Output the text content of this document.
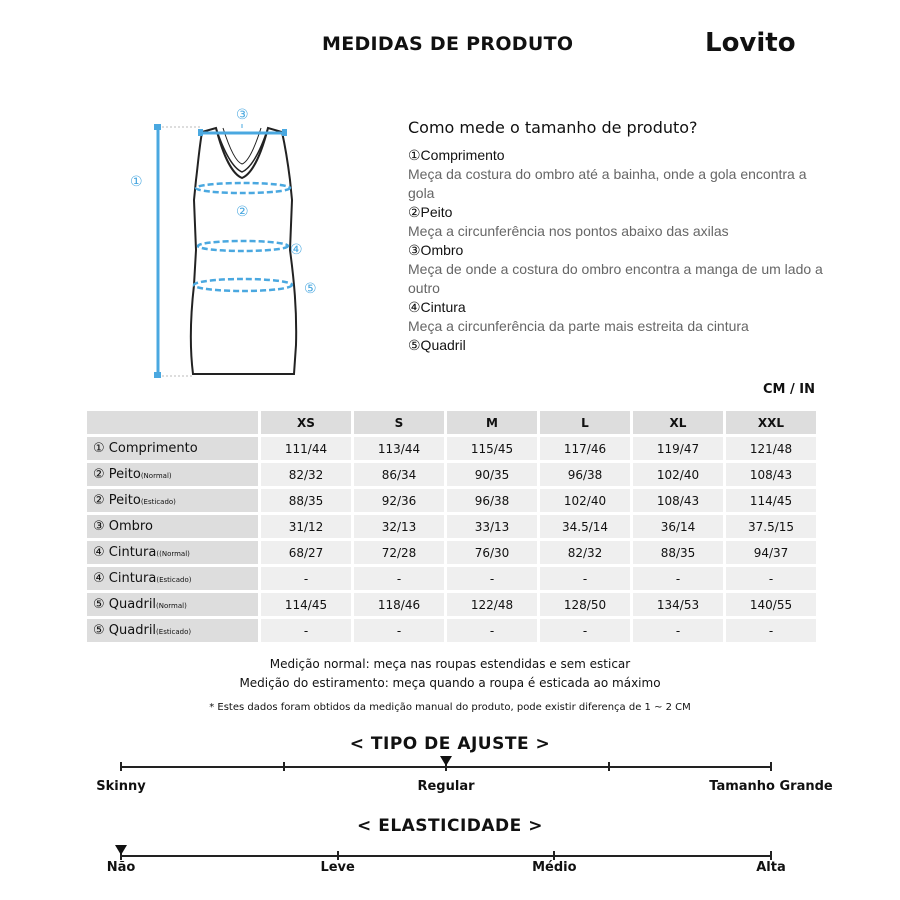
MEDIDAS DE PRODUTO	Lovito
①
②
③
④
⑤
Como mede o tamanho de produto?
①Comprimento
Meça da costura do ombro até a bainha, onde a gola encontra a gola
②Peito
Meça a circunferência nos pontos abaixo das axilas
③Ombro
Meça de onde a costura do ombro encontra a manga de um lado a outro
④Cintura
Meça a circunferência da parte mais estreita da cintura
⑤Quadril
CM / IN
	XS	S	M	L	XL	XXL
① Comprimento	111/44	113/44	115/45	117/46	119/47	121/48
② Peito(Normal)	82/32	86/34	90/35	96/38	102/40	108/43
② Peito(Esticado)	88/35	92/36	96/38	102/40	108/43	114/45
③ Ombro	31/12	32/13	33/13	34.5/14	36/14	37.5/15
④ Cintura((Normal)	68/27	72/28	76/30	82/32	88/35	94/37
④ Cintura(Esticado)	-	-	-	-	-	-
⑤ Quadril(Normal)	114/45	118/46	122/48	128/50	134/53	140/55
⑤ Quadril(Esticado)	-	-	-	-	-	-
Medição normal: meça nas roupas estendidas e sem esticar
Medição do estiramento: meça quando a roupa é esticada ao máximo
* Estes dados foram obtidos da medição manual do produto, pode existir diferença de 1 ~ 2 CM
< TIPO DE AJUSTE >
Skinny	Regular	Tamanho Grande
< ELASTICIDADE >
Não	Leve	Médio	Alta
